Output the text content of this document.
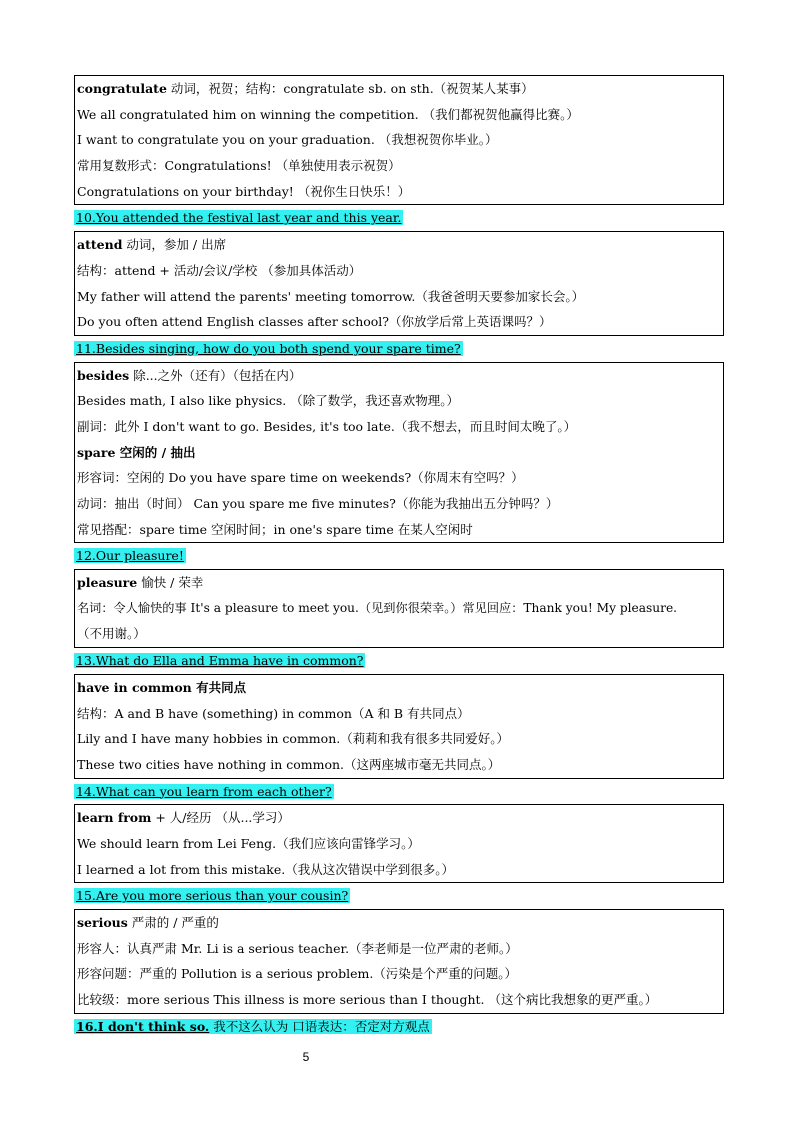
congratulate 动词，祝贺；结构：congratulate sb. on sth.（祝贺某人某事）
We all congratulated him on winning the competition. （我们都祝贺他赢得比赛。）
I want to congratulate you on your graduation. （我想祝贺你毕业。）
常用复数形式：Congratulations! （单独使用表示祝贺）
Congratulations on your birthday! （祝你生日快乐！）
10.You attended the festival last year and this year.
attend 动词，参加 / 出席
结构：attend + 活动/会议/学校 （参加具体活动）
My father will attend the parents' meeting tomorrow.（我爸爸明天要参加家长会。）
Do you often attend English classes after school?（你放学后常上英语课吗？）
11.Besides singing, how do you both spend your spare time?
besides 除...之外（还有）（包括在内）
Besides math, I also like physics. （除了数学，我还喜欢物理。）
副词：此外 I don't want to go. Besides, it's too late.（我不想去，而且时间太晚了。）
spare 空闲的 / 抽出
形容词：空闲的 Do you have spare time on weekends?（你周末有空吗？）
动词：抽出（时间） Can you spare me five minutes?（你能为我抽出五分钟吗？）
常见搭配：spare time 空闲时间；in one's spare time 在某人空闲时
12.Our pleasure!
pleasure 愉快 / 荣幸
名词：令人愉快的事 It's a pleasure to meet you.（见到你很荣幸。）常见回应：Thank you! My pleasure.
（不用谢。）
13.What do Ella and Emma have in common?
have in common 有共同点
结构：A and B have (something) in common（A 和 B 有共同点）
Lily and I have many hobbies in common.（莉莉和我有很多共同爱好。）
These two cities have nothing in common.（这两座城市毫无共同点。）
14.What can you learn from each other?
learn from + 人/经历 （从...学习）
We should learn from Lei Feng.（我们应该向雷锋学习。）
I learned a lot from this mistake.（我从这次错误中学到很多。）
15.Are you more serious than your cousin?
serious 严肃的 / 严重的
形容人：认真严肃 Mr. Li is a serious teacher.（李老师是一位严肃的老师。）
形容问题：严重的 Pollution is a serious problem.（污染是个严重的问题。）
比较级：more serious This illness is more serious than I thought. （这个病比我想象的更严重。）
16.I don't think so. 我不这么认为 口语表达：否定对方观点
5
